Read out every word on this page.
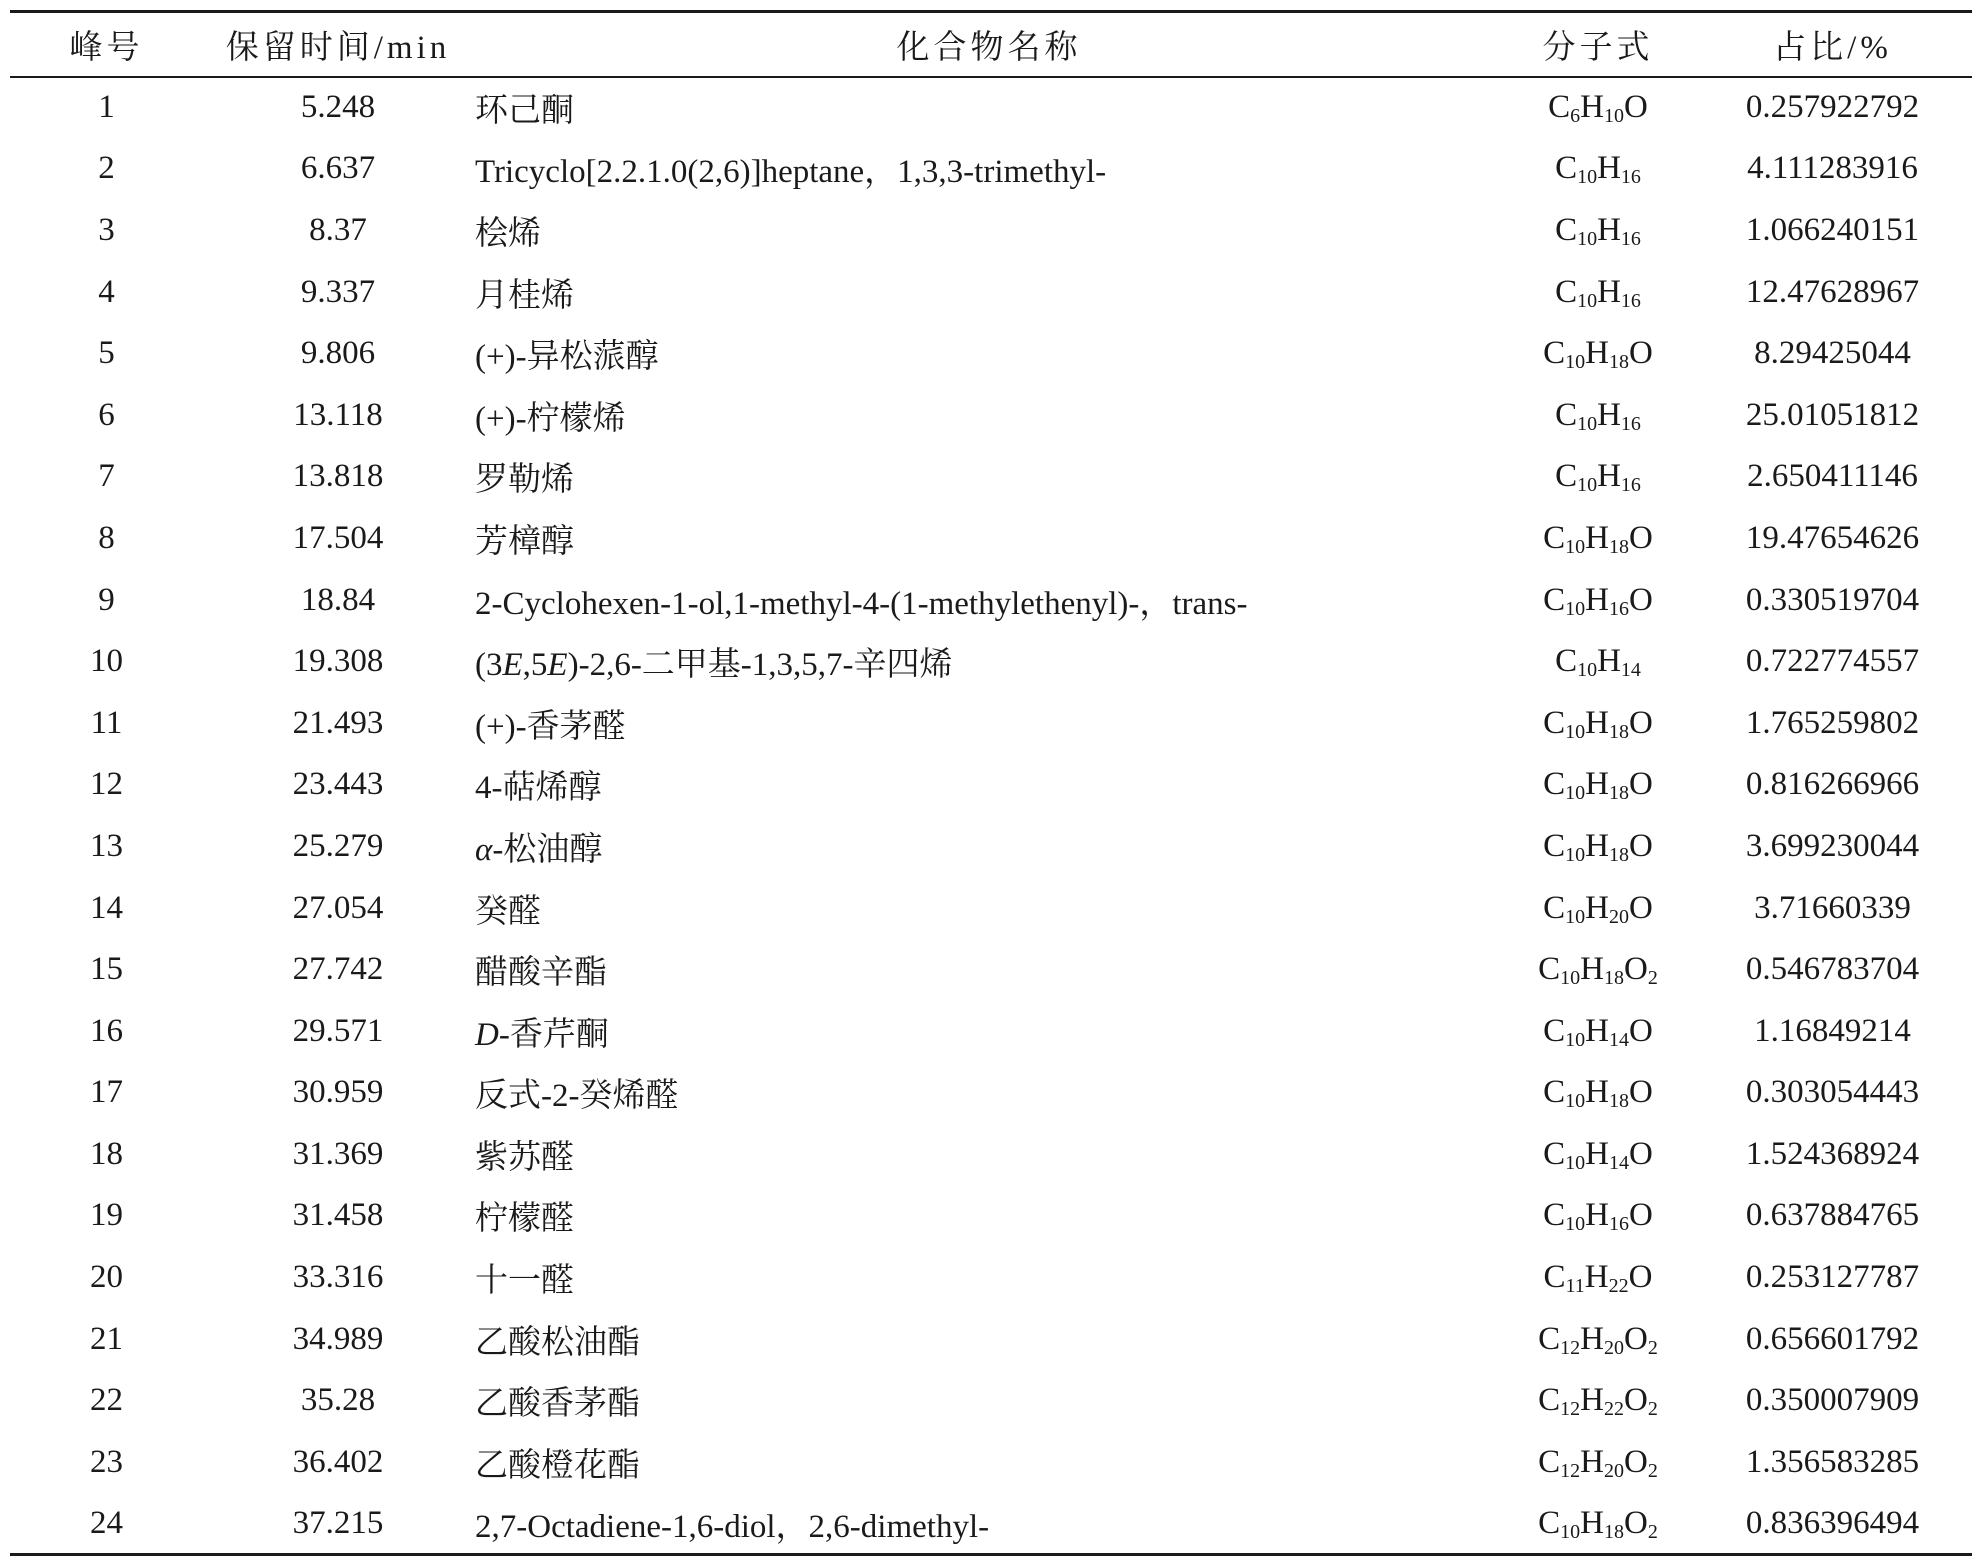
峰号	保留时间/min	化合物名称	分子式	占比/%
1	5.248	环己酮	$C_6H_{10}O$	0.257922792
2	6.637	Tricyclo[2.2.1.0(2,6)]heptane，1,3,3-trimethyl-	$C_{10}H_{16}$	4.111283916
3	8.37	桧烯	$C_{10}H_{16}$	1.066240151
4	9.337	月桂烯	$C_{10}H_{16}$	12.47628967
5	9.806	(+)-异松蒎醇	$C_{10}H_{18}O$	8.29425044
6	13.118	(+)-柠檬烯	$C_{10}H_{16}$	25.01051812
7	13.818	罗勒烯	$C_{10}H_{16}$	2.650411146
8	17.504	芳樟醇	$C_{10}H_{18}O$	19.47654626
9	18.84	2-Cyclohexen-1-ol,1-methyl-4-(1-methylethenyl)-，trans-	$C_{10}H_{16}O$	0.330519704
10	19.308	(3E,5E)-2,6-二甲基-1,3,5,7-辛四烯	$C_{10}H_{14}$	0.722774557
11	21.493	(+)-香茅醛	$C_{10}H_{18}O$	1.765259802
12	23.443	4-萜烯醇	$C_{10}H_{18}O$	0.816266966
13	25.279	α-松油醇	$C_{10}H_{18}O$	3.699230044
14	27.054	癸醛	$C_{10}H_{20}O$	3.71660339
15	27.742	醋酸辛酯	$C_{10}H_{18}O_2$	0.546783704
16	29.571	D-香芹酮	$C_{10}H_{14}O$	1.16849214
17	30.959	反式-2-癸烯醛	$C_{10}H_{18}O$	0.303054443
18	31.369	紫苏醛	$C_{10}H_{14}O$	1.524368924
19	31.458	柠檬醛	$C_{10}H_{16}O$	0.637884765
20	33.316	十一醛	$C_{11}H_{22}O$	0.253127787
21	34.989	乙酸松油酯	$C_{12}H_{20}O_2$	0.656601792
22	35.28	乙酸香茅酯	$C_{12}H_{22}O_2$	0.350007909
23	36.402	乙酸橙花酯	$C_{12}H_{20}O_2$	1.356583285
24	37.215	2,7-Octadiene-1,6-diol，2,6-dimethyl-	$C_{10}H_{18}O_2$	0.836396494
